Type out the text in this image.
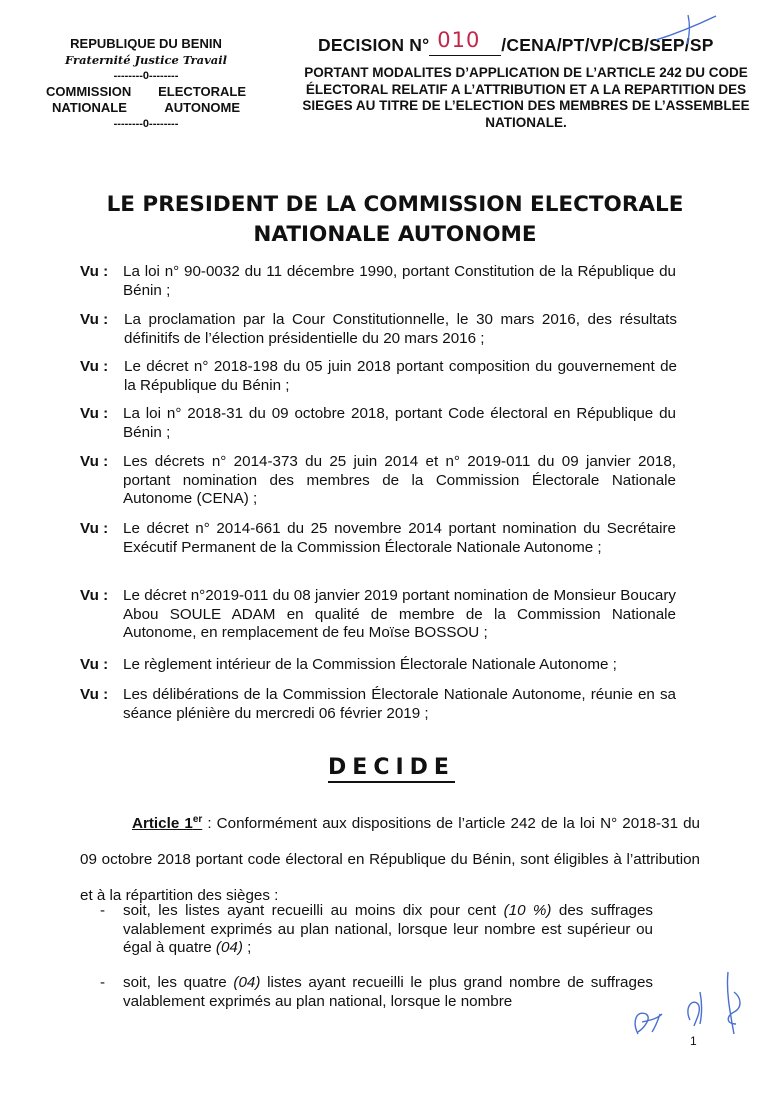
REPUBLIQUE DU BENIN
Fraternité Justice Travail
--------0--------
COMMISSION ELECTORALE
NATIONALE	AUTONOME
--------0--------
DECISION N° 010 /CENA/PT/VP/CB/SEP/SP
PORTANT MODALITES D’APPLICATION DE L’ARTICLE 242 DU CODE ÉLECTORAL RELATIF A L’ATTRIBUTION ET A LA REPARTITION DES SIEGES AU TITRE DE L’ELECTION DES MEMBRES DE L’ASSEMBLEE NATIONALE.
LE PRESIDENT DE LA COMMISSION ELECTORALE
NATIONALE AUTONOME
Vu : La loi n° 90-0032 du 11 décembre 1990, portant Constitution de la République du Bénin ;
Vu : La proclamation par la Cour Constitutionnelle, le 30 mars 2016, des résultats définitifs de l’élection présidentielle du 20 mars 2016 ;
Vu : Le décret n° 2018-198 du 05 juin 2018 portant composition du gouvernement de la République du Bénin ;
Vu : La loi n° 2018-31 du 09 octobre 2018, portant Code électoral en République du Bénin ;
Vu : Les décrets n° 2014-373 du 25 juin 2014 et n° 2019-011 du 09 janvier 2018, portant nomination des membres de la Commission Électorale Nationale Autonome (CENA) ;
Vu : Le décret n° 2014-661 du 25 novembre 2014 portant nomination du Secrétaire Exécutif Permanent de la Commission Électorale Nationale Autonome ;
Vu : Le décret n°2019-011 du 08 janvier 2019 portant nomination de Monsieur Boucary Abou SOULE ADAM en qualité de membre de la Commission Nationale Autonome, en remplacement de feu Moïse BOSSOU ;
Vu : Le règlement intérieur de la Commission Électorale Nationale Autonome ;
Vu : Les délibérations de la Commission Électorale Nationale Autonome, réunie en sa séance plénière du mercredi 06 février 2019 ;
DECIDE
Article 1er : Conformément aux dispositions de l’article 242 de la loi N° 2018-31 du 09 octobre 2018 portant code électoral en République du Bénin, sont éligibles à l’attribution et à la répartition des sièges :
- soit, les listes ayant recueilli au moins dix pour cent (10 %) des suffrages valablement exprimés au plan national, lorsque leur nombre est supérieur ou égal à quatre (04) ;
- soit, les quatre (04) listes ayant recueilli le plus grand nombre de suffrages valablement exprimés au plan national, lorsque le nombre
1
